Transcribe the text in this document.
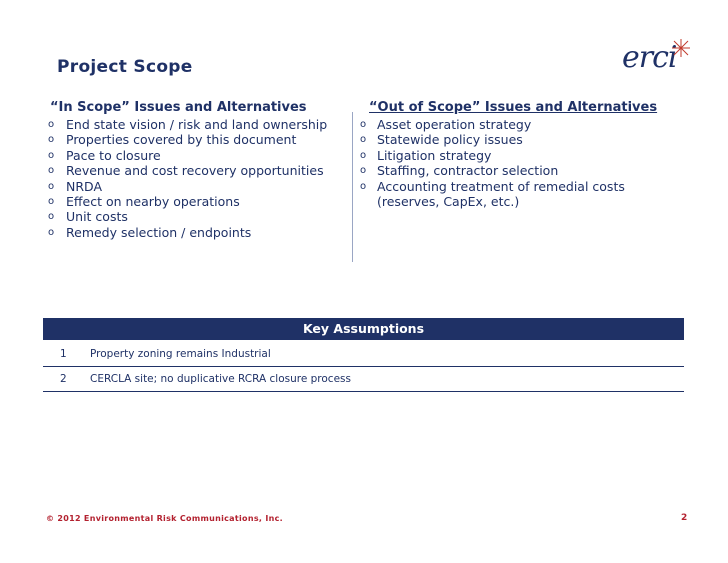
Project Scope	erci
“In Scope” Issues and Alternatives
o End state vision / risk and land ownership
o Properties covered by this document
o Pace to closure
o Revenue and cost recovery opportunities
o NRDA
o Effect on nearby operations
o Unit costs
o Remedy selection / endpoints
“Out of Scope” Issues and Alternatives
o Asset operation strategy
o Statewide policy issues
o Litigation strategy
o Staffing, contractor selection
o Accounting treatment of remedial costs
(reserves, CapEx, etc.)
Key Assumptions
1 Property zoning remains Industrial
2 CERCLA site; no duplicative RCRA closure process
© 2012 Environmental Risk Communications, Inc.	2
